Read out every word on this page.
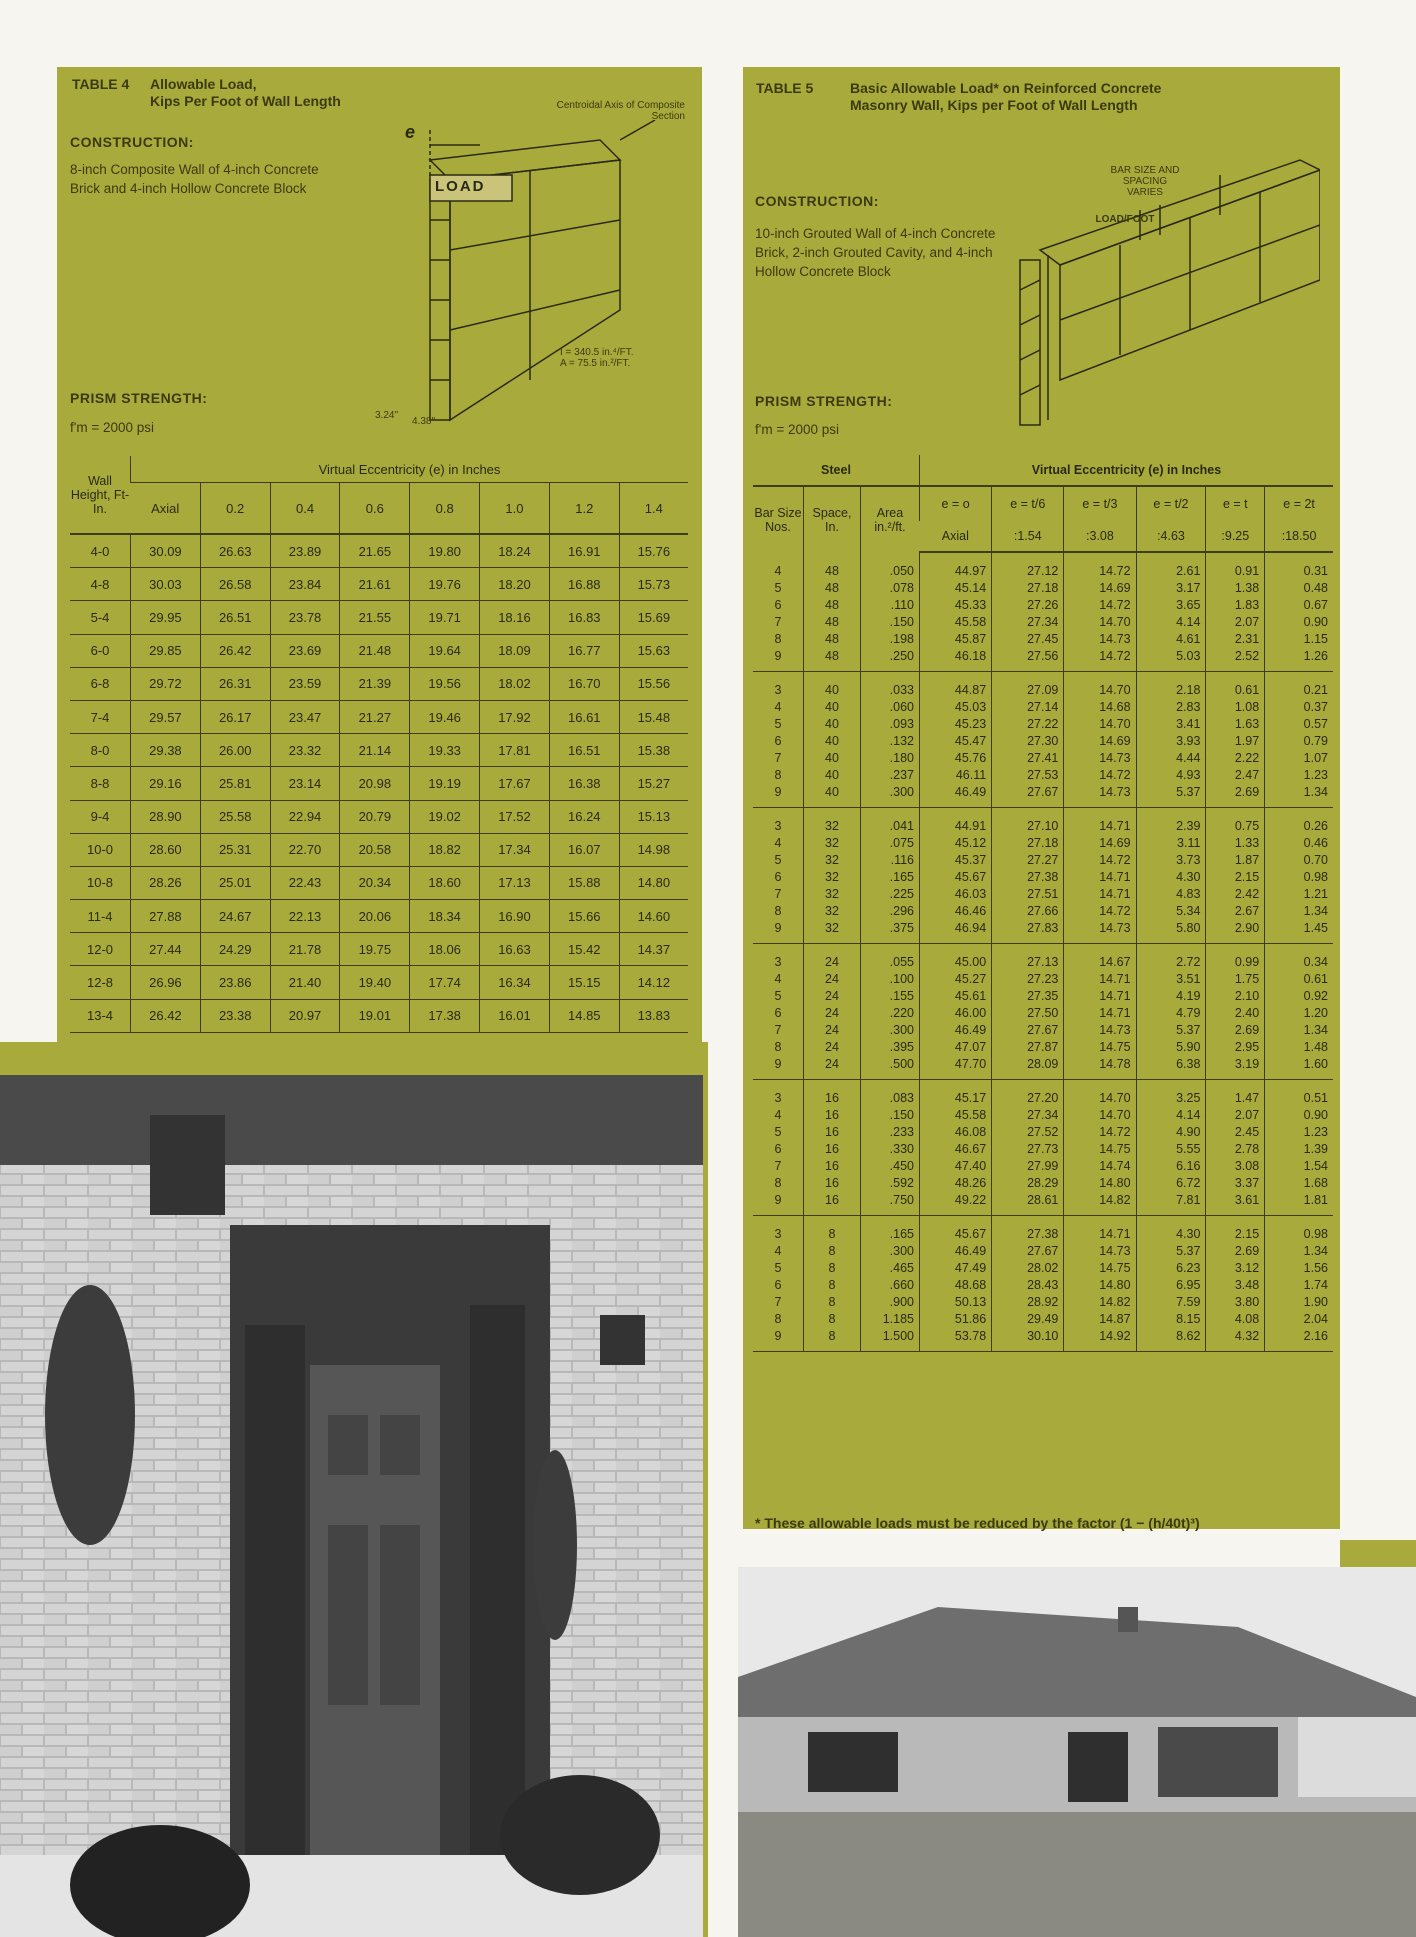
TABLE 4 Allowable Load,
Kips Per Foot of Wall Length
CONSTRUCTION:
8-inch Composite Wall of 4-inch Concrete Brick and 4-inch Hollow Concrete Block
PRISM STRENGTH:
f'm = 2000 psi
Centroidal Axis of Composite Section
e
LOAD
I = 340.5 in.⁴/FT.
A = 75.5 in.²/FT.
3.24"
4.38"
Wall Height, Ft-In.	Virtual Eccentricity (e) in Inches							
	Axial	0.2	0.4	0.6	0.8	1.0	1.2	1.4
4-0	30.09	26.63	23.89	21.65	19.80	18.24	16.91	15.76
4-8	30.03	26.58	23.84	21.61	19.76	18.20	16.88	15.73
5-4	29.95	26.51	23.78	21.55	19.71	18.16	16.83	15.69
6-0	29.85	26.42	23.69	21.48	19.64	18.09	16.77	15.63
6-8	29.72	26.31	23.59	21.39	19.56	18.02	16.70	15.56
7-4	29.57	26.17	23.47	21.27	19.46	17.92	16.61	15.48
8-0	29.38	26.00	23.32	21.14	19.33	17.81	16.51	15.38
8-8	29.16	25.81	23.14	20.98	19.19	17.67	16.38	15.27
9-4	28.90	25.58	22.94	20.79	19.02	17.52	16.24	15.13
10-0	28.60	25.31	22.70	20.58	18.82	17.34	16.07	14.98
10-8	28.26	25.01	22.43	20.34	18.60	17.13	15.88	14.80
11-4	27.88	24.67	22.13	20.06	18.34	16.90	15.66	14.60
12-0	27.44	24.29	21.78	19.75	18.06	16.63	15.42	14.37
12-8	26.96	23.86	21.40	19.40	17.74	16.34	15.15	14.12
13-4	26.42	23.38	20.97	19.01	17.38	16.01	14.85	13.83
TABLE 5	Basic Allowable Load* on Reinforced Concrete
Masonry Wall, Kips per Foot of Wall Length
CONSTRUCTION:
10-inch Grouted Wall of 4-inch Concrete Brick, 2-inch Grouted Cavity, and 4-inch Hollow Concrete Block
PRISM STRENGTH:
f'm = 2000 psi
BAR SIZE AND SPACING VARIES
LOAD/FOOT
Steel			Virtual Eccentricity (e) in Inches					
Bar Size Nos.	Space, In.	Area in.²/ft.	e = o	e = t/6	e = t/3	e = t/2	e = t	e = 2t
			Axial	:1.54	:3.08	:4.63	:9.25	:18.50
4	48	.050	44.97	27.12	14.72	2.61	0.91	0.31
5	48	.078	45.14	27.18	14.69	3.17	1.38	0.48
6	48	.110	45.33	27.26	14.72	3.65	1.83	0.67
7	48	.150	45.58	27.34	14.70	4.14	2.07	0.90
8	48	.198	45.87	27.45	14.73	4.61	2.31	1.15
9	48	.250	46.18	27.56	14.72	5.03	2.52	1.26
3	40	.033	44.87	27.09	14.70	2.18	0.61	0.21
4	40	.060	45.03	27.14	14.68	2.83	1.08	0.37
5	40	.093	45.23	27.22	14.70	3.41	1.63	0.57
6	40	.132	45.47	27.30	14.69	3.93	1.97	0.79
7	40	.180	45.76	27.41	14.73	4.44	2.22	1.07
8	40	.237	46.11	27.53	14.72	4.93	2.47	1.23
9	40	.300	46.49	27.67	14.73	5.37	2.69	1.34
3	32	.041	44.91	27.10	14.71	2.39	0.75	0.26
4	32	.075	45.12	27.18	14.69	3.11	1.33	0.46
5	32	.116	45.37	27.27	14.72	3.73	1.87	0.70
6	32	.165	45.67	27.38	14.71	4.30	2.15	0.98
7	32	.225	46.03	27.51	14.71	4.83	2.42	1.21
8	32	.296	46.46	27.66	14.72	5.34	2.67	1.34
9	32	.375	46.94	27.83	14.73	5.80	2.90	1.45
3	24	.055	45.00	27.13	14.67	2.72	0.99	0.34
4	24	.100	45.27	27.23	14.71	3.51	1.75	0.61
5	24	.155	45.61	27.35	14.71	4.19	2.10	0.92
6	24	.220	46.00	27.50	14.71	4.79	2.40	1.20
7	24	.300	46.49	27.67	14.73	5.37	2.69	1.34
8	24	.395	47.07	27.87	14.75	5.90	2.95	1.48
9	24	.500	47.70	28.09	14.78	6.38	3.19	1.60
3	16	.083	45.17	27.20	14.70	3.25	1.47	0.51
4	16	.150	45.58	27.34	14.70	4.14	2.07	0.90
5	16	.233	46.08	27.52	14.72	4.90	2.45	1.23
6	16	.330	46.67	27.73	14.75	5.55	2.78	1.39
7	16	.450	47.40	27.99	14.74	6.16	3.08	1.54
8	16	.592	48.26	28.29	14.80	6.72	3.37	1.68
9	16	.750	49.22	28.61	14.82	7.81	3.61	1.81
3	8	.165	45.67	27.38	14.71	4.30	2.15	0.98
4	8	.300	46.49	27.67	14.73	5.37	2.69	1.34
5	8	.465	47.49	28.02	14.75	6.23	3.12	1.56
6	8	.660	48.68	28.43	14.80	6.95	3.48	1.74
7	8	.900	50.13	28.92	14.82	7.59	3.80	1.90
8	8	1.185	51.86	29.49	14.87	8.15	4.08	2.04
9	8	1.500	53.78	30.10	14.92	8.62	4.32	2.16
* These allowable loads must be reduced by the factor (1 − (h/40t)³)
